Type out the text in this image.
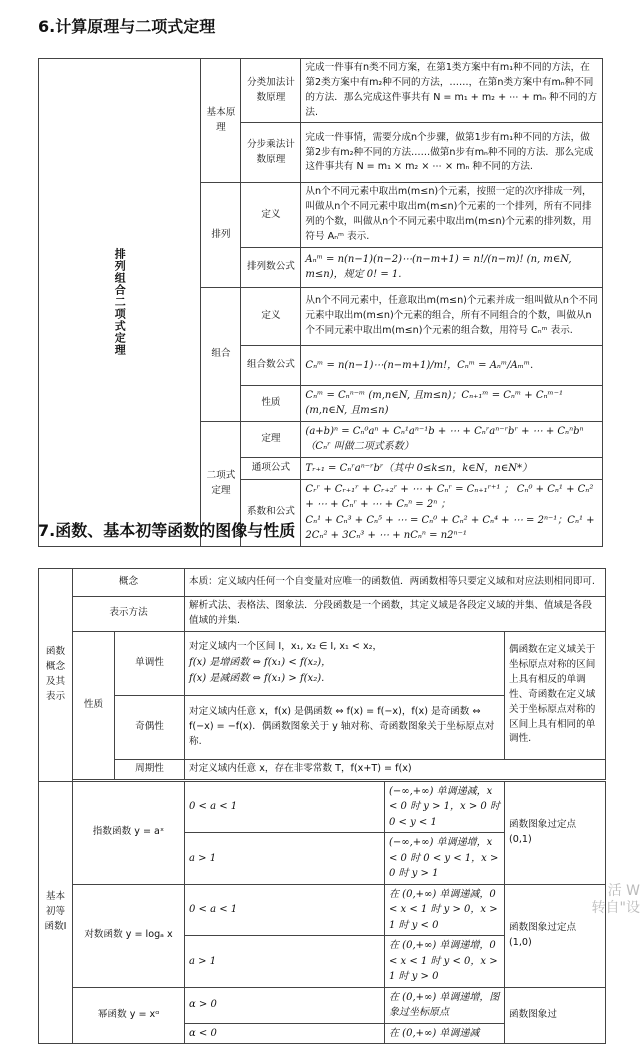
6.计算原理与二项式定理
排列组合二项式定理	基本原理	分类加法计数原理	完成一件事有n类不同方案，在第1类方案中有m₁种不同的方法，在第2类方案中有m₂种不同的方法，……，在第n类方案中有mₙ种不同的方法．那么完成这件事共有 N = m₁ + m₂ + ⋯ + mₙ 种不同的方法.
		分步乘法计数原理	完成一件事情，需要分成n个步骤，做第1步有m₁种不同的方法，做第2步有m₂种不同的方法……做第n步有mₙ种不同的方法．那么完成这件事共有 N = m₁ × m₂ × ⋯ × mₙ 种不同的方法.
	排列	定义	从n个不同元素中取出m(m≤n)个元素，按照一定的次序排成一列，叫做从n个不同元素中取出m(m≤n)个元素的一个排列，所有不同排列的个数，叫做从n个不同元素中取出m(m≤n)个元素的排列数，用符号 Aₙᵐ 表示.
		排列数公式	Aₙᵐ = n(n−1)(n−2)⋯(n−m+1) = n!/(n−m)! (n, m∈N, m≤n)，规定 0! = 1.
	组合	定义	从n个不同元素中，任意取出m(m≤n)个元素并成一组叫做从n个不同元素中取出m(m≤n)个元素的组合，所有不同组合的个数，叫做从n个不同元素中取出m(m≤n)个元素的组合数，用符号 Cₙᵐ 表示.
		组合数公式	Cₙᵐ = n(n−1)⋯(n−m+1)/m!，Cₙᵐ = Aₙᵐ/Aₘᵐ.
		性质	Cₙᵐ = Cₙⁿ⁻ᵐ (m,n∈N, 且m≤n)；Cₙ₊₁ᵐ = Cₙᵐ + Cₙᵐ⁻¹ (m,n∈N, 且m≤n)
	二项式定理	定理	(a+b)ⁿ = Cₙ⁰aⁿ + Cₙ¹aⁿ⁻¹b + ⋯ + Cₙʳaⁿ⁻ʳbʳ + ⋯ + Cₙⁿbⁿ （Cₙʳ 叫做二项式系数）
		通项公式	Tᵣ₊₁ = Cₙʳaⁿ⁻ʳbʳ（其中 0≤k≤n，k∈N，n∈N*）
		系数和公式	Cᵣʳ + Cᵣ₊₁ʳ + Cᵣ₊₂ʳ + ⋯ + Cₙʳ = Cₙ₊₁ʳ⁺¹ ； Cₙ⁰ + Cₙ¹ + Cₙ² + ⋯ + Cₙʳ + ⋯ + Cₙⁿ = 2ⁿ ；
Cₙ¹ + Cₙ³ + Cₙ⁵ + ⋯ = Cₙ⁰ + Cₙ² + Cₙ⁴ + ⋯ = 2ⁿ⁻¹；Cₙ¹ + 2Cₙ² + 3Cₙ³ + ⋯ + nCₙⁿ = n2ⁿ⁻¹
7.函数、基本初等函数的图像与性质
函数概念及其表示	概念		本质：定义域内任何一个自变量对应唯一的函数值．两函数相等只要定义域和对应法则相同即可.		
	表示方法		解析式法、表格法、图象法．分段函数是一个函数，其定义域是各段定义域的并集、值域是各段值域的并集.		
	性质	单调性	对定义域内一个区间 I，x₁, x₂ ∈ I, x₁ < x₂，
f(x) 是增函数 ⇔ f(x₁) < f(x₂)，
f(x) 是减函数 ⇔ f(x₁) > f(x₂).		偶函数在定义域关于坐标原点对称的区间上具有相反的单调性、奇函数在定义域关于坐标原点对称的区间上具有相同的单调性.
		奇偶性	对定义域内任意 x，f(x) 是偶函数 ⇔ f(x) = f(−x)，f(x) 是奇函数 ⇔ f(−x) = −f(x)．偶函数图象关于 y 轴对称、奇函数图象关于坐标原点对称.		
		周期性	对定义域内任意 x，存在非零常数 T，f(x+T) = f(x)		

基本初等函数Ⅰ	指数函数 y = aˣ		0 < a < 1	(−∞,+∞) 单调递减，x < 0 时 y > 1，x > 0 时 0 < y < 1	函数图象过定点 (0,1)
			a > 1	(−∞,+∞) 单调递增，x < 0 时 0 < y < 1，x > 0 时 y > 1	
	对数函数 y = logₐ x		0 < a < 1	在 (0,+∞) 单调递减，0 < x < 1 时 y > 0，x > 1 时 y < 0	函数图象过定点 (1,0)
			a > 1	在 (0,+∞) 单调递增，0 < x < 1 时 y < 0，x > 1 时 y > 0	
	幂函数 y = xᵅ		α > 0	在 (0,+∞) 单调递增，图象过坐标原点	函数图象过
			α < 0	在 (0,+∞) 单调递减	
活 W
转自"设
